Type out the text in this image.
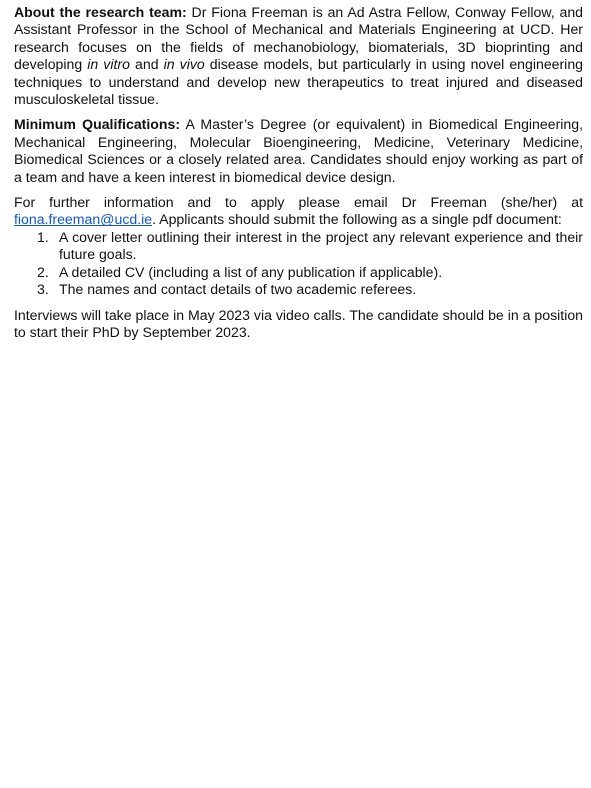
About the research team: Dr Fiona Freeman is an Ad Astra Fellow, Conway Fellow, and Assistant Professor in the School of Mechanical and Materials Engineering at UCD. Her research focuses on the fields of mechanobiology, biomaterials, 3D bioprinting and developing in vitro and in vivo disease models, but particularly in using novel engineering techniques to understand and develop new therapeutics to treat injured and diseased musculoskeletal tissue.

Minimum Qualifications: A Master’s Degree (or equivalent) in Biomedical Engineering, Mechanical Engineering, Molecular Bioengineering, Medicine, Veterinary Medicine, Biomedical Sciences or a closely related area. Candidates should enjoy working as part of a team and have a keen interest in biomedical device design.

For further information and to apply please email Dr Freeman (she/her) at fiona.freeman@ucd.ie. Applicants should submit the following as a single pdf document:

1. A cover letter outlining their interest in the project any relevant experience and their future goals.
2. A detailed CV (including a list of any publication if applicable).
3. The names and contact details of two academic referees.

Interviews will take place in May 2023 via video calls. The candidate should be in a position to start their PhD by September 2023.
